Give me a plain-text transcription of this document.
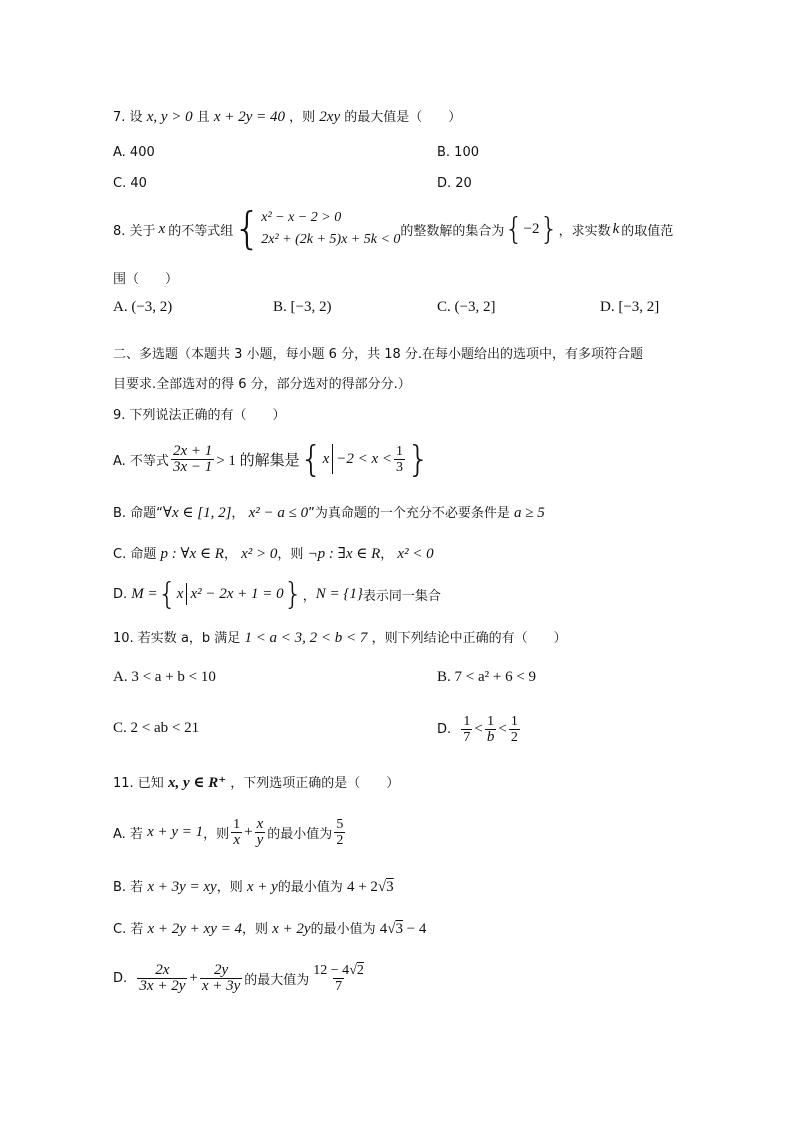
7. 设 x, y > 0 且 x + 2y = 40 ，则 2xy 的最大值是（　　）
A. 400	B. 100
C. 40	D. 20
8. 关于 x 的不等式组 { x² − x − 2 > 0
2x² + (2k + 5)x + 5k < 0
的整数解的集合为 { −2 } ，求实数 k 的取值范
围（　　）
A. (−3, 2)	B. [−3, 2)	C. (−3, 2]	D. [−3, 2]
二、多选题（本题共 3 小题，每小题 6 分，共 18 分.在每小题给出的选项中，有多项符合题
目要求.全部选对的得 6 分，部分选对的得部分分.）
9. 下列说法正确的有（　　）
A. 不等式 $\frac{2x + 1}{3x - 1} > 1$ 的解集是 { $x -2 < x < \frac{1}{3}$ }
B. 命题“∀x ∈ [1, 2]， x² − a ≤ 0”为真命题的一个充分不必要条件是 a ≥ 5
C. 命题 p : ∀x ∈ R， x² > 0，则 ¬p : ∃x ∈ R， x² < 0
D.
M = { x x² − 2x + 1 = 0 } ， N = {1} 表示同一集合
10. 若实数 a，b 满足 1 < a < 3, 2 < b < 7 ，则下列结论中正确的有（　　）
A. 3 < a + b < 10	B. 7 < a² + 6 < 9
C. 2 < ab < 21	D.
$\frac{1}{7} < \frac{1}{b} < \frac{1}{2}$
11. 已知 x, y ∈ R⁺ ，下列选项正确的是（　　）
A. 若
x + y = 1 ，则 $\frac{1}{x} + \frac{x}{y}$ 的最小值为 $\frac{5}{2}$
B. 若 x + 3y = xy，则 x + y的最小值为 4 + 2√3
C. 若 x + 2y + xy = 4，则 x + 2y的最小值为 4√3 − 4
D.
$\frac{2x}{3x + 2y} + \frac{2y}{x + 3y}$ 的最大值为 $\frac{12 - 4√2}{7}$
